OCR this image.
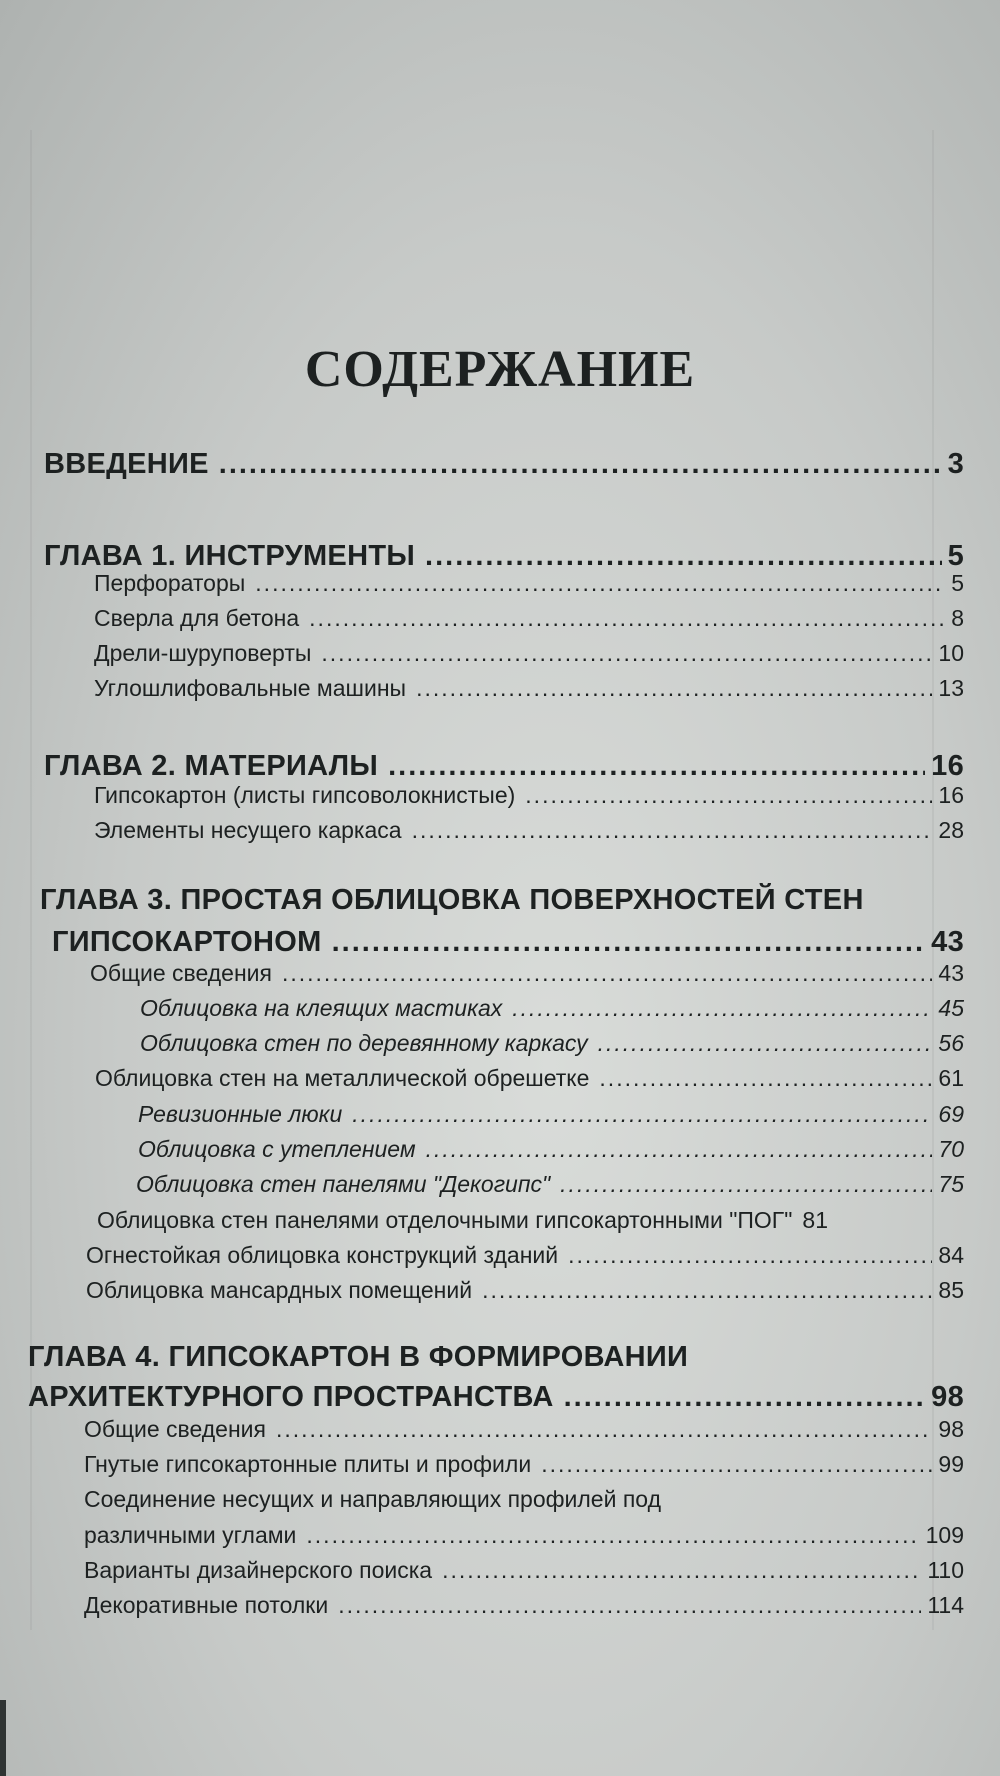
СОДЕРЖАНИЕ
ВВЕДЕНИЕ .....	3
ГЛАВА 1. ИНСТРУМЕНТЫ .....	5
Перфораторы .....	5
Сверла для бетона .....	8
Дрели-шуруповерты .....	10
Углошлифовальные машины .....	13
ГЛАВА 2. МАТЕРИАЛЫ .....	16
Гипсокартон (листы гипсоволокнистые) .....	16
Элементы несущего каркаса .....	28
ГЛАВА 3. ПРОСТАЯ ОБЛИЦОВКА ПОВЕРХНОСТЕЙ СТЕН
ГИПСОКАРТОНОМ .....	43
Общие сведения .....	43
Облицовка на клеящих мастиках .....	45
Облицовка стен по деревянному каркасу .....	56
Облицовка стен на металлической обрешетке .....	61
Ревизионные люки .....	69
Облицовка с утеплением .....	70
Облицовка стен панелями "Декогипс" .....	75
Облицовка стен панелями отделочными гипсокартонными "ПОГ" 81
Огнестойкая облицовка конструкций зданий .....	84
Облицовка мансардных помещений .....	85
ГЛАВА 4. ГИПСОКАРТОН В ФОРМИРОВАНИИ
АРХИТЕКТУРНОГО ПРОСТРАНСТВА .....	98
Общие сведения .....	98
Гнутые гипсокартонные плиты и профили .....	99
Соединение несущих и направляющих профилей под
различными углами .....	109
Варианты дизайнерского поиска .....	110
Декоративные потолки .....	114
